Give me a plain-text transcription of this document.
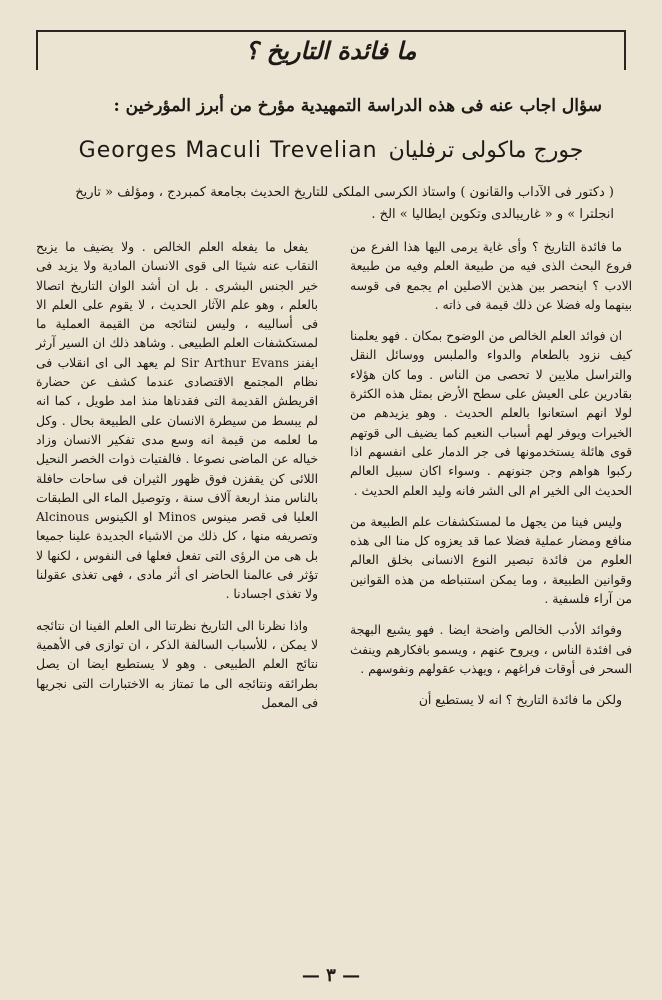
ما فائدة التاريخ ؟
سؤال اجاب عنه فى هذه الدراسة التمهيدية مؤرخ من أبرز المؤرخين :
Georges Maculi Trevelian جورج ماكولى ترفليان
( دكتور فى الآداب والقانون ) واستاذ الكرسى الملكى للتاريخ الحديث بجامعة كمبردج ، ومؤلف « تاريخ انجلترا » و « غاريبالدى وتكوين ايطاليا » الخ .

ما فائدة التاريخ ؟ وأى غاية يرمى اليها هذا الفرع من فروع البحث الذى فيه من طبيعة العلم وفيه من طبيعة الادب ؟ اينحصر بين هذين الاصلين ام يجمع فى قوسه بينهما وله فضلا عن ذلك قيمة فى ذاته .

ان فوائد العلم الخالص من الوضوح بمكان . فهو يعلمنا كيف نزود بالطعام والدواء والملبس ووسائل النقل والتراسل ملايين لا تحصى من الناس . وما كان هؤلاء بقادرين على العيش على سطح الأرض بمثل هذه الكثرة لولا انهم استعانوا بالعلم الحديث . وهو يزيدهم من الخيرات ويوفر لهم أسباب النعيم كما يضيف الى قوتهم قوى هائلة يستخدمونها فى جر الدمار على انفسهم اذا ركبوا هواهم وجن جنونهم . وسواء اكان سبيل العالم الحديث الى الخير ام الى الشر فانه وليد العلم الحديث .

وليس فينا من يجهل ما لمستكشفات علم الطبيعة من منافع ومضار عملية فضلا عما قد يعزوه كل منا الى هذه العلوم من فائدة تبصير النوع الانسانى بخلق العالم وقوانين الطبيعة ، وما يمكن استنباطه من هذه القوانين من آراء فلسفية .

وفوائد الأدب الخالص واضحة ايضا . فهو يشيع البهجة فى افئدة الناس ، ويروح عنهم ، ويسمو بافكارهم وينفث السحر فى أوقات فراغهم ، ويهذب عقولهم ونفوسهم .

ولكن ما فائدة التاريخ ؟ انه لا يستطيع أن

يفعل ما يفعله العلم الخالص . ولا يضيف ما يزيح النقاب عنه شيئا الى قوى الانسان المادية ولا يزيد فى خير الجنس البشرى . بل ان أشد الوان التاريخ اتصالا بالعلم ، وهو علم الآثار الحديث ، لا يقوم على العلم الا فى أساليبه ، وليس لنتائجه من القيمة العملية ما لمستكشفات العلم الطبيعى . وشاهد ذلك ان السير آرثر ايفنز Sir Arthur Evans لم يعهد الى اى انقلاب فى نظام المجتمع الاقتصادى عندما كشف عن حضارة اقريطش القديمة التى فقدناها منذ امد طويل ، كما انه لم يبسط من سيطرة الانسان على الطبيعة بحال . وكل ما لعلمه من قيمة انه وسع مدى تفكير الانسان وزاد خياله عن الماضى نصوعا . فالفتيات ذوات الخصر النحيل اللائى كن يقفزن فوق ظهور الثيران فى ساحات حافلة بالناس منذ اربعة آلاف سنة ، وتوصيل الماء الى الطبقات العليا فى قصر مينوس Minos او الكينوس Alcinous وتصريفه منها ، كل ذلك من الاشياء الجديدة علينا جميعا بل هى من الرؤى التى تفعل فعلها فى النفوس ، لكنها لا تؤثر فى عالمنا الحاضر اى أثر مادى ، فهى تغذى عقولنا ولا تغذى اجسادنا .

واذا نظرنا الى التاريخ نظرتنا الى العلم الفينا ان نتائجه لا يمكن ، للأسباب السالفة الذكر ، ان توازى فى الأهمية نتائج العلم الطبيعى . وهو لا يستطيع ايضا ان يصل بطرائقه ونتائجه الى ما تمتاز به الاختبارات التى نجريها فى المعمل

— ٣ —
